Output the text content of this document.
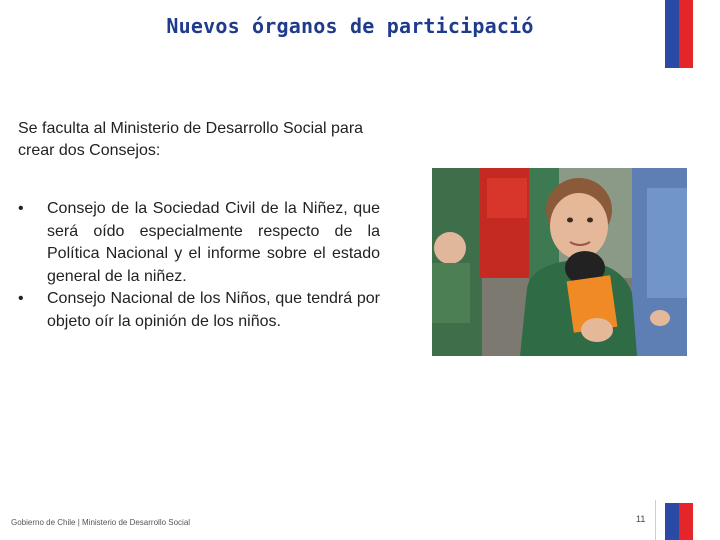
Nuevos órganos de participació
Se faculta al Ministerio de Desarrollo Social para crear dos Consejos:
• Consejo de la Sociedad Civil de la Niñez, que será oído especialmente respecto de la Política Nacional y el informe sobre el estado general de la niñez.
• Consejo Nacional de los Niños, que tendrá por objeto oír la opinión de los niños.
Gobierno de Chile | Ministerio de Desarrollo Social	11
